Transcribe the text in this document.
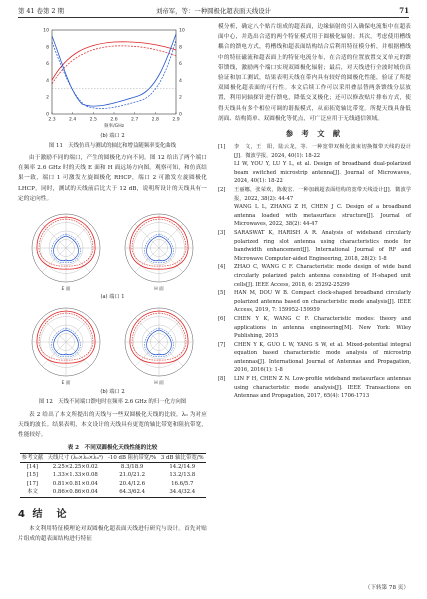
第 41 卷第 2 期	刘帝军，等：一种圆极化超表面天线设计	71
2.3	2.4	2.5	2.6	2.7	2.8	2.9
频率/GHz
0
2
4
6
8
10
0
2
4
6
8
10
(b) 端口 2
图 11　天线仿真与测试的轴比和增益随频率变化曲线

由于激励不同的端口，产生的圆极化方向不同。图 12 给出了两个端口在频率 2.6 GHz 时的天线 E 面和 H 面远场方向图。观察可知，和仿真结果一致，端口 1 可激发左旋圆极化 RHCP，端口 2 可激发左旋圆极化 LHCP。同时，测试的天线前后比大于 12 dB，说明所设计的天线具有一定的定向性。

E 面	H 面
E 面	H 面
(a) 端口 1
(b) 端口 2
图 12　天线不同端口馈电时在频率 2.6 GHz 的归一化方向图

表 2 给出了本文所提出的天线与一些双圆极化天线的比较。λ₀ 为对应天线的波长。结果表明，本文设计的天线具有更宽的轴比带宽和阻抗带宽，性能较好。

表 2　不同双圆极化天线性能的比较
参考文献	天线尺寸 (λ₀×λ₀×λ₀³)	-10 dB 阻抗带宽/%	3 dB 轴比带宽/%
[14]	2.25×2.25×0.02	8.3/18.9	14.2/14.9
[15]	1.33×1.33×0.08	21.0/21.2	13.2/13.8
[17]	0.81×0.81×0.04	20.4/12.6	16.6/5.7
本文	0.86×0.86×0.04	64.3/62.4	34.4/32.4
4 结　论

本文利用特征模理论对双圆极化超表面天线进行研究与设计。首先对贴片组成的超表面结构进行特征

模分析，确定八个贴片组成的超表面，边缘辐射的引入确保电流集中在超表面中心，并选出合适的两个特征模式用于圆极化辐射；其次，考虑使用槽线耦合的馈电方式，将槽线和超表面结构结合后利用特征模分析，并根据槽线中的特征磁流和超表面上的特征电流分布，在合适的位置放置交叉单元的馈带馈线，激励两个端口实现双圆极化辐射；最后，对天线进行全波时域仿真验证和加工测试，结果表明天线在带内具有较好的圆极化性能，验证了所提双圆极化超表面的可行性。本文后续工作可以采用叠层替两条馈线分层放置，利用同轴探针进行馈电，降低交叉极化；还可以修改贴片排布方式，使得天线具有多个相位可调的谐振模式，从而拓宽轴比带宽。所提天线具备低剖面、结构简单、双圆极化等优点，可广泛应用于无线通信领域。

参 考 文 献
[1]	李　文，王　阳，陆云龙，等．一种宽带双极化波束切换微带天线的设计[J]．微波学报，2024, 40(1): 18-22
LI W, YOU Y, LU Y L, et al. Design of broadband dual-polarized beam switched microstrip antenna[J]. Journal of Microwaves, 2024, 40(1): 18-22
[2]	王丽娜，张荣欢，陈俊宏．一种加载超表面结构的宽带天线设计[J]．微波学报，2022, 38(2): 44-47
WANG L L, ZHANG Z H, CHEN J C. Design of a broadband antenna loaded with metasurface structure[J]. Journal of Microwaves, 2022, 38(2): 44-47
[3]	SARASWAT K, HARISH A R. Analysis of wideband circularly polarized ring slot antenna using characteristics mode for bandwidth enhancement[J]. International Journal of RF and Microwave Computer-aided Engineering, 2018, 28(2): 1-8
[4]	ZHAO C, WANG C F. Characteristic mode design of wide band circularly polarized patch antenna consisting of H-shaped unit cells[J]. IEEE Access, 2018, 6: 25292-25299
[5]	HAN M, DOU W B. Compact clock-shaped broadband circularly polarized antenna based on characteristic mode analysis[J]. IEEE Access, 2019, 7: 159952-159959
[6]	CHEN Y K, WANG C F. Characteristic modes: theory and applications in antenna engineering[M]. New York: Wiley Publishing, 2015
[7]	CHEN Y K, GUO L W, YANG S W, et al. Mixed-potential integral equation based characteristic mode analysis of microstrip antennas[J]. International Journal of Antennas and Propagation, 2016, 2016(1): 1-8
[8]	LIN F H, CHEN Z N. Low-profile wideband metasurface antennas using characteristic mode analysis[J]. IEEE Transactions on Antennas and Propagation, 2017, 65(4): 1706-1713
（下转第 78 页）
